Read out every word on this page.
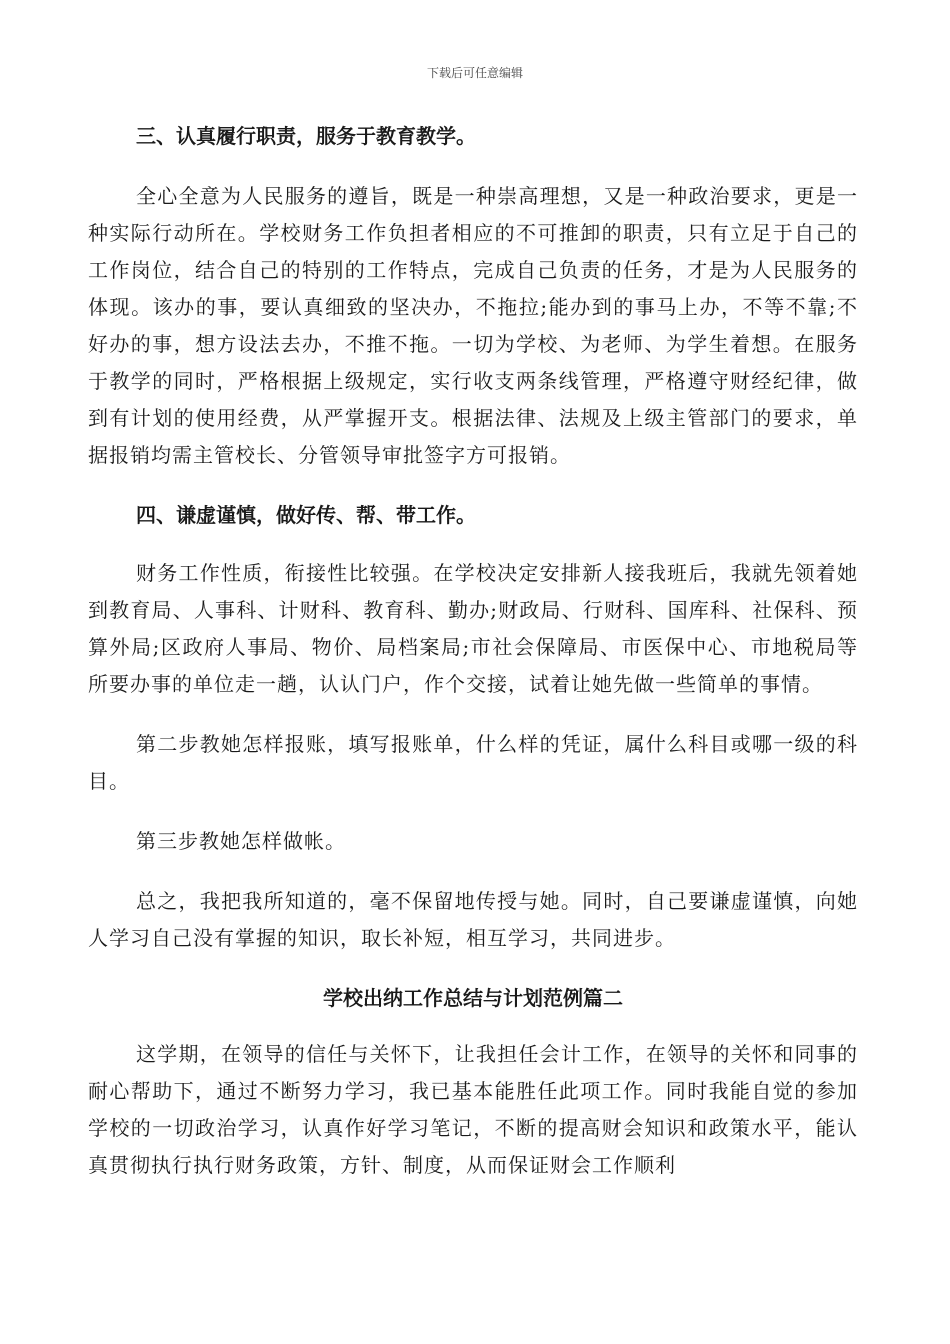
下载后可任意编辑
三、认真履行职责，服务于教育教学。

全心全意为人民服务的遵旨，既是一种崇高理想，又是一种政治要求，更是一种实际行动所在。学校财务工作负担者相应的不可推卸的职责，只有立足于自己的工作岗位，结合自己的特别的工作特点，完成自己负责的任务，才是为人民服务的体现。该办的事，要认真细致的坚决办，不拖拉;能办到的事马上办，不等不靠;不好办的事，想方设法去办，不推不拖。一切为学校、为老师、为学生着想。在服务于教学的同时，严格根据上级规定，实行收支两条线管理，严格遵守财经纪律，做到有计划的使用经费，从严掌握开支。根据法律、法规及上级主管部门的要求，单据报销均需主管校长、分管领导审批签字方可报销。

四、谦虚谨慎，做好传、帮、带工作。

财务工作性质，衔接性比较强。在学校决定安排新人接我班后，我就先领着她到教育局、人事科、计财科、教育科、勤办;财政局、行财科、国库科、社保科、预算外局;区政府人事局、物价、局档案局;市社会保障局、市医保中心、市地税局等所要办事的单位走一趟，认认门户，作个交接，试着让她先做一些简单的事情。

第二步教她怎样报账，填写报账单，什么样的凭证，属什么科目或哪一级的科目。

第三步教她怎样做帐。

总之，我把我所知道的，毫不保留地传授与她。同时，自己要谦虚谨慎，向她人学习自己没有掌握的知识，取长补短，相互学习，共同进步。

学校出纳工作总结与计划范例篇二

这学期，在领导的信任与关怀下，让我担任会计工作，在领导的关怀和同事的耐心帮助下，通过不断努力学习，我已基本能胜任此项工作。同时我能自觉的参加学校的一切政治学习，认真作好学习笔记，不断的提高财会知识和政策水平，能认真贯彻执行执行财务政策，方针、制度，从而保证财会工作顺利
